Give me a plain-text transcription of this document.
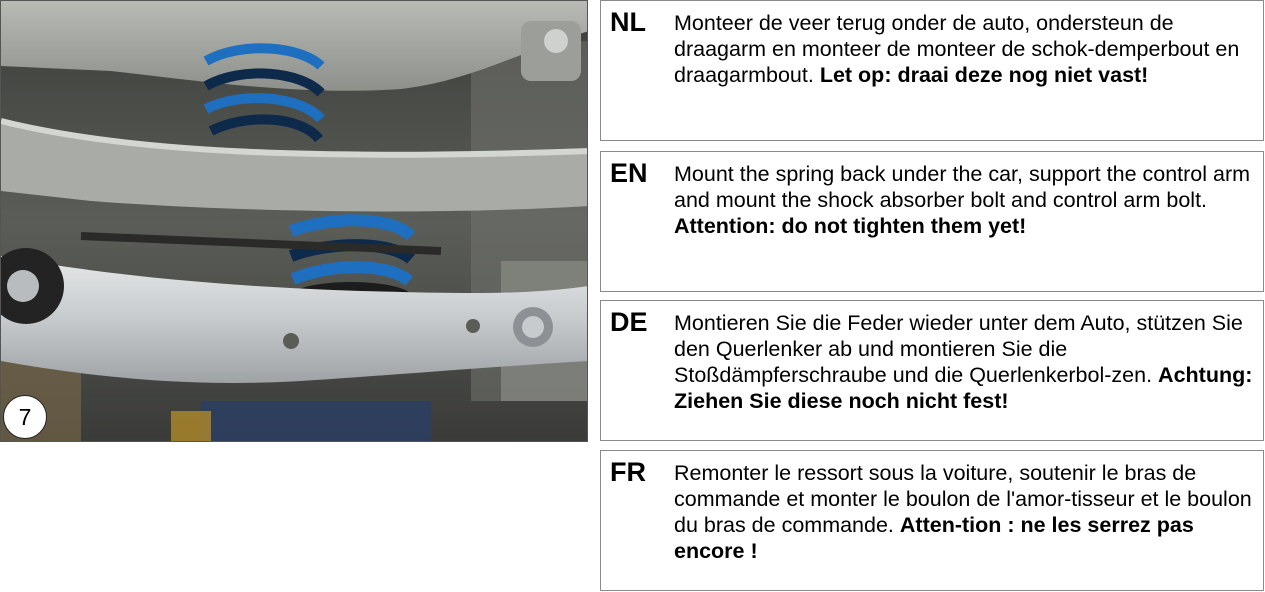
7
NL Monteer de veer terug onder de auto, ondersteun de draagarm en monteer de monteer de schok-demperbout en draagarmbout. Let op: draai deze nog niet vast!
EN Mount the spring back under the car, support the control arm and mount the shock absorber bolt and control arm bolt. Attention: do not tighten them yet!
DE Montieren Sie die Feder wieder unter dem Auto, stützen Sie den Querlenker ab und montieren Sie die Stoßdämpferschraube und die Querlenkerbol-zen. Achtung: Ziehen Sie diese noch nicht fest!
FR Remonter le ressort sous la voiture, soutenir le bras de commande et monter le boulon de l'amor-tisseur et le boulon du bras de commande. Atten-tion : ne les serrez pas encore !
